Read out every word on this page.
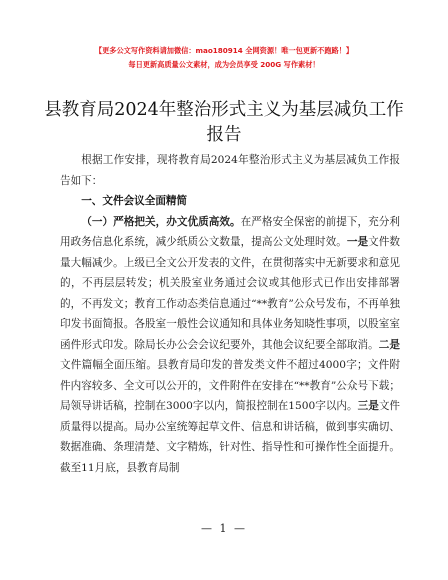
【更多公文写作资料请加微信：mao180914 全网资源！唯一包更新不跑路！】
每日更新高质量公文素材，成为会员享受 200G 写作素材！
县教育局2024年整治形式主义为基层减负工作报告

根据工作安排，现将教育局2024年整治形式主义为基层减负工作报告如下：

一、文件会议全面精简

（一）严格把关，办文优质高效。在严格安全保密的前提下，充分利用政务信息化系统，减少纸质公文数量，提高公文处理时效。一是文件数量大幅减少。上级已全文公开发表的文件，在贯彻落实中无新要求和意见的，不再层层转发；机关股室业务通过会议或其他形式已作出安排部署的，不再发文；教育工作动态类信息通过“**教育”公众号发布，不再单独印发书面简报。各股室一般性会议通知和具体业务知晓性事项，以股室室函件形式印发。除局长办公会会议纪要外，其他会议纪要全部取消。二是文件篇幅全面压缩。县教育局印发的普发类文件不超过4000字；文件附件内容较多、全文可以公开的，文件附件在安排在“**教育”公众号下载；局领导讲话稿，控制在3000字以内，简报控制在1500字以内。三是文件质量得以提高。局办公室统筹起草文件、信息和讲话稿，做到事实确切、数据准确、条理清楚、文字精炼，针对性、指导性和可操作性全面提升。截至11月底，县教育局制

— 1 —
